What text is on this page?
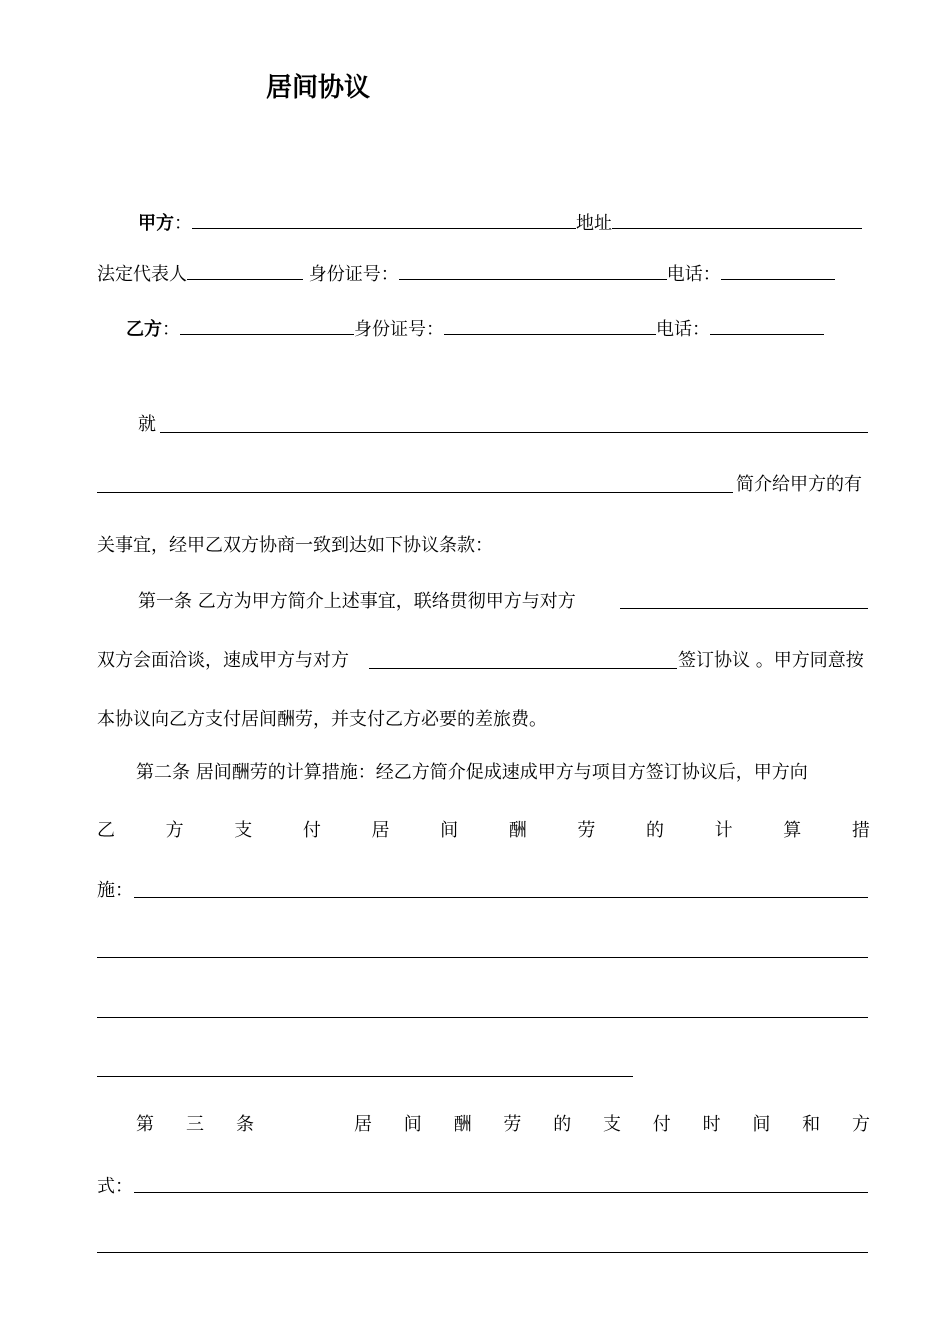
居间协议
甲方：	地址
法定代表人	身份证号：	电话：
乙方：	身份证号：	电话：
就
简介给甲方的有
关事宜，经甲乙双方协商一致到达如下协议条款：
第一条 乙方为甲方简介上述事宜，联络贯彻甲方与对方
双方会面洽谈，速成甲方与对方	签订协议 。甲方同意按
本协议向乙方支付居间酬劳，并支付乙方必要的差旅费。
第二条 居间酬劳的计算措施：经乙方简介促成速成甲方与项目方签订协议后，甲方向
乙	方	支	付	居	间	酬	劳	的	计	算	措
施：
第 三 条	居 间 酬 劳 的 支 付 时 间 和 方
式：
